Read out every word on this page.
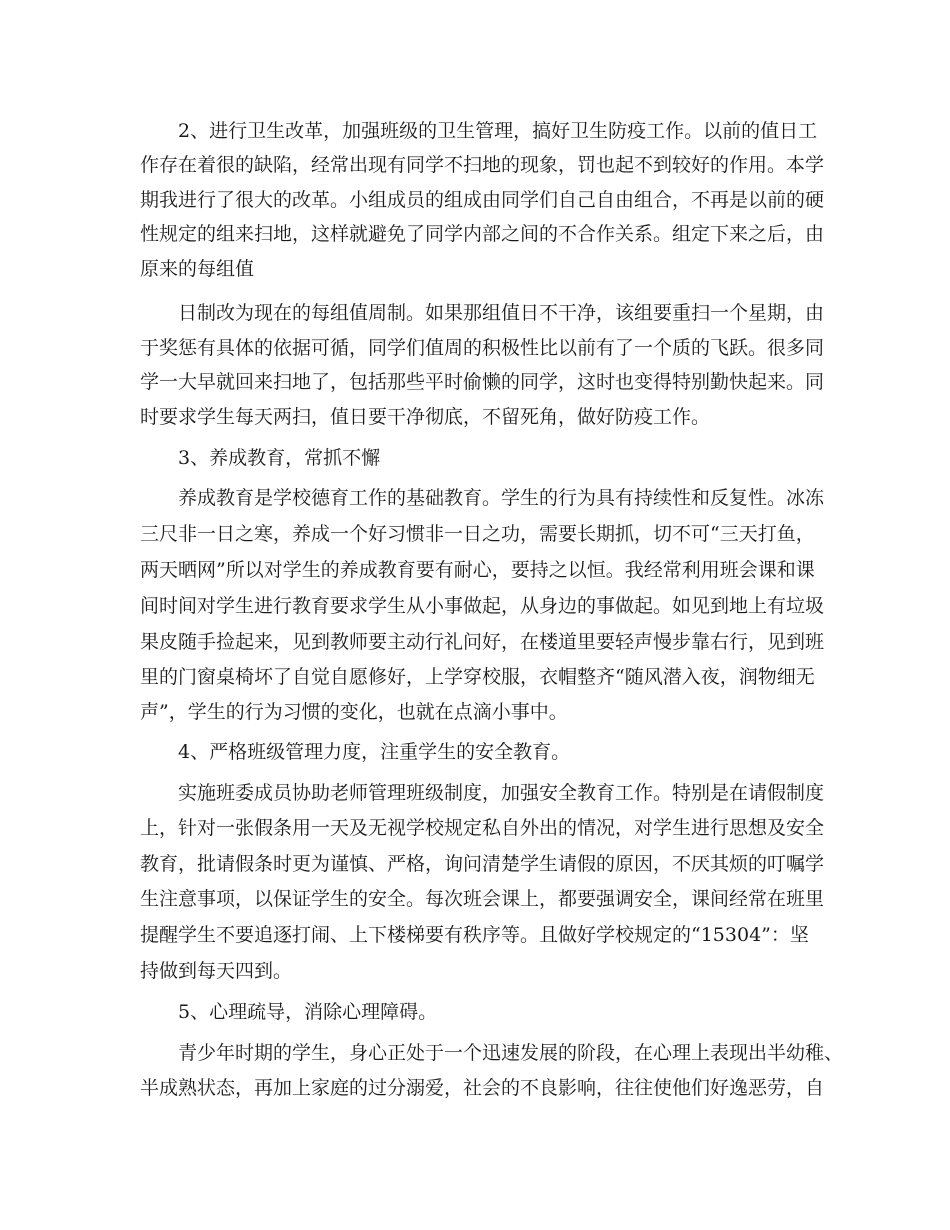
2、进行卫生改革，加强班级的卫生管理，搞好卫生防疫工作。以前的值日工
作存在着很的缺陷，经常出现有同学不扫地的现象，罚也起不到较好的作用。本学
期我进行了很大的改革。小组成员的组成由同学们自己自由组合，不再是以前的硬
性规定的组来扫地，这样就避免了同学内部之间的不合作关系。组定下来之后，由
原来的每组值
日制改为现在的每组值周制。如果那组值日不干净，该组要重扫一个星期，由
于奖惩有具体的依据可循，同学们值周的积极性比以前有了一个质的飞跃。很多同
学一大早就回来扫地了，包括那些平时偷懒的同学，这时也变得特别勤快起来。同
时要求学生每天两扫，值日要干净彻底，不留死角，做好防疫工作。
3、养成教育，常抓不懈
养成教育是学校德育工作的基础教育。学生的行为具有持续性和反复性。冰冻
三尺非一日之寒，养成一个好习惯非一日之功，需要长期抓，切不可“三天打鱼，
两天晒网”所以对学生的养成教育要有耐心，要持之以恒。我经常利用班会课和课
间时间对学生进行教育要求学生从小事做起，从身边的事做起。如见到地上有垃圾
果皮随手捡起来，见到教师要主动行礼问好，在楼道里要轻声慢步靠右行，见到班
里的门窗桌椅坏了自觉自愿修好，上学穿校服，衣帽整齐“随风潜入夜，润物细无
声”，学生的行为习惯的变化，也就在点滴小事中。
4、严格班级管理力度，注重学生的安全教育。
实施班委成员协助老师管理班级制度，加强安全教育工作。特别是在请假制度
上，针对一张假条用一天及无视学校规定私自外出的情况，对学生进行思想及安全
教育，批请假条时更为谨慎、严格，询问清楚学生请假的原因，不厌其烦的叮嘱学
生注意事项，以保证学生的安全。每次班会课上，都要强调安全，课间经常在班里
提醒学生不要追逐打闹、上下楼梯要有秩序等。且做好学校规定的“15304”：坚
持做到每天四到。
5、心理疏导，消除心理障碍。
青少年时期的学生，身心正处于一个迅速发展的阶段，在心理上表现出半幼稚、
半成熟状态，再加上家庭的过分溺爱，社会的不良影响，往往使他们好逸恶劳，自
